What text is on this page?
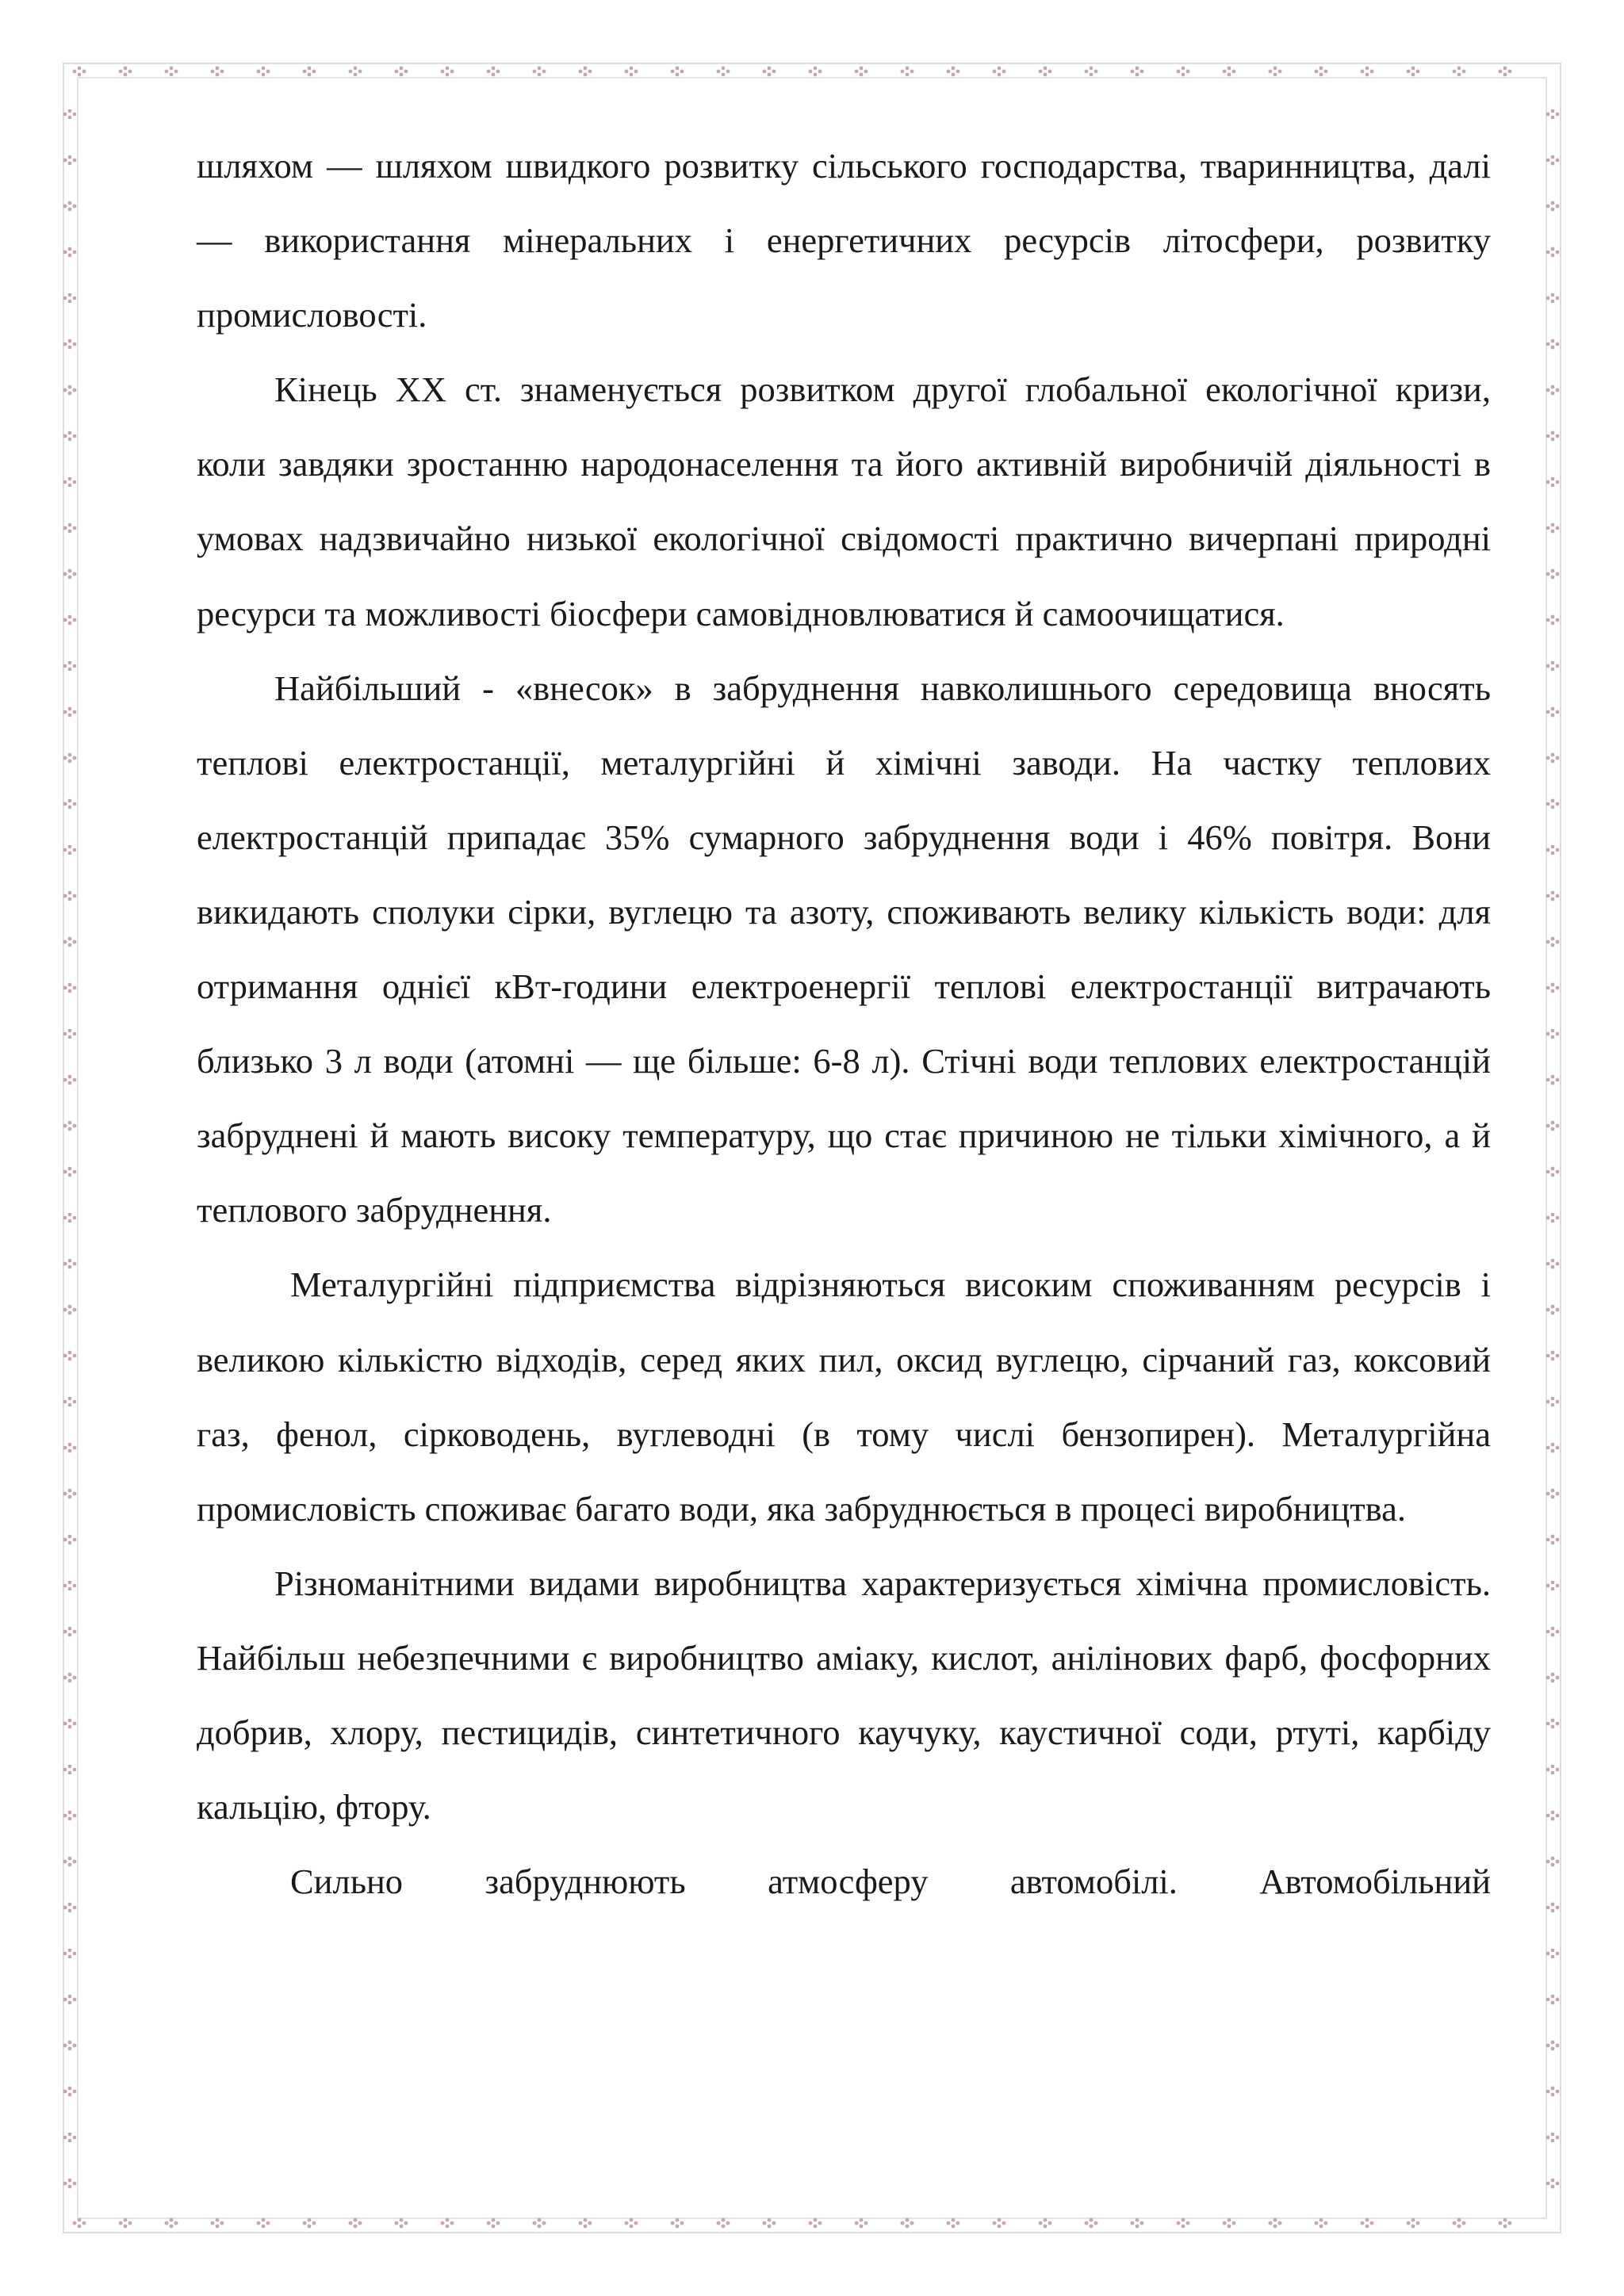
шляхом — шляхом швидкого розвитку сільського господарства, тваринництва, далі — використання мінеральних і енергетичних ресурсів літосфери, розвитку промисловості.

Кінець XX ст. знаменується розвитком другої глобальної екологічної кризи, коли завдяки зростанню народонаселення та його активній виробничій діяльності в умовах надзвичайно низької екологічної свідомості практично вичерпані природні ресурси та можливості біосфери самовідновлюватися й самоочищатися.

Найбільший - «внесок» в забруднення навколишнього середовища вносять теплові електростанції, металургійні й хімічні заводи. На частку теплових електростанцій припадає 35% сумарного забруднення води і 46% повітря. Вони викидають сполуки сірки, вуглецю та азоту, споживають велику кількість води: для отримання однієї кВт-години електроенергії теплові електростанції витрачають близько 3 л води (атомні — ще більше: 6-8 л). Стічні води теплових електростанцій забруднені й мають високу температуру, що стає причиною не тільки хімічного, а й теплового забруднення.

Металургійні підприємства відрізняються високим споживанням ресурсів і великою кількістю відходів, серед яких пил, оксид вуглецю, сірчаний газ, коксовий газ, фенол, сірководень, вуглеводні (в тому числі бензопирен). Металургійна промисловість споживає багато води, яка забруднюється в процесі виробництва.

Різноманітними видами виробництва характеризується хімічна промисловість. Найбільш небезпечними є виробництво аміаку, кислот, анілінових фарб, фосфорних добрив, хлору, пестицидів, синтетичного каучуку, каустичної соди, ртуті, карбіду кальцію, фтору.

Сильно забруднюють атмосферу автомобілі. Автомобільний
